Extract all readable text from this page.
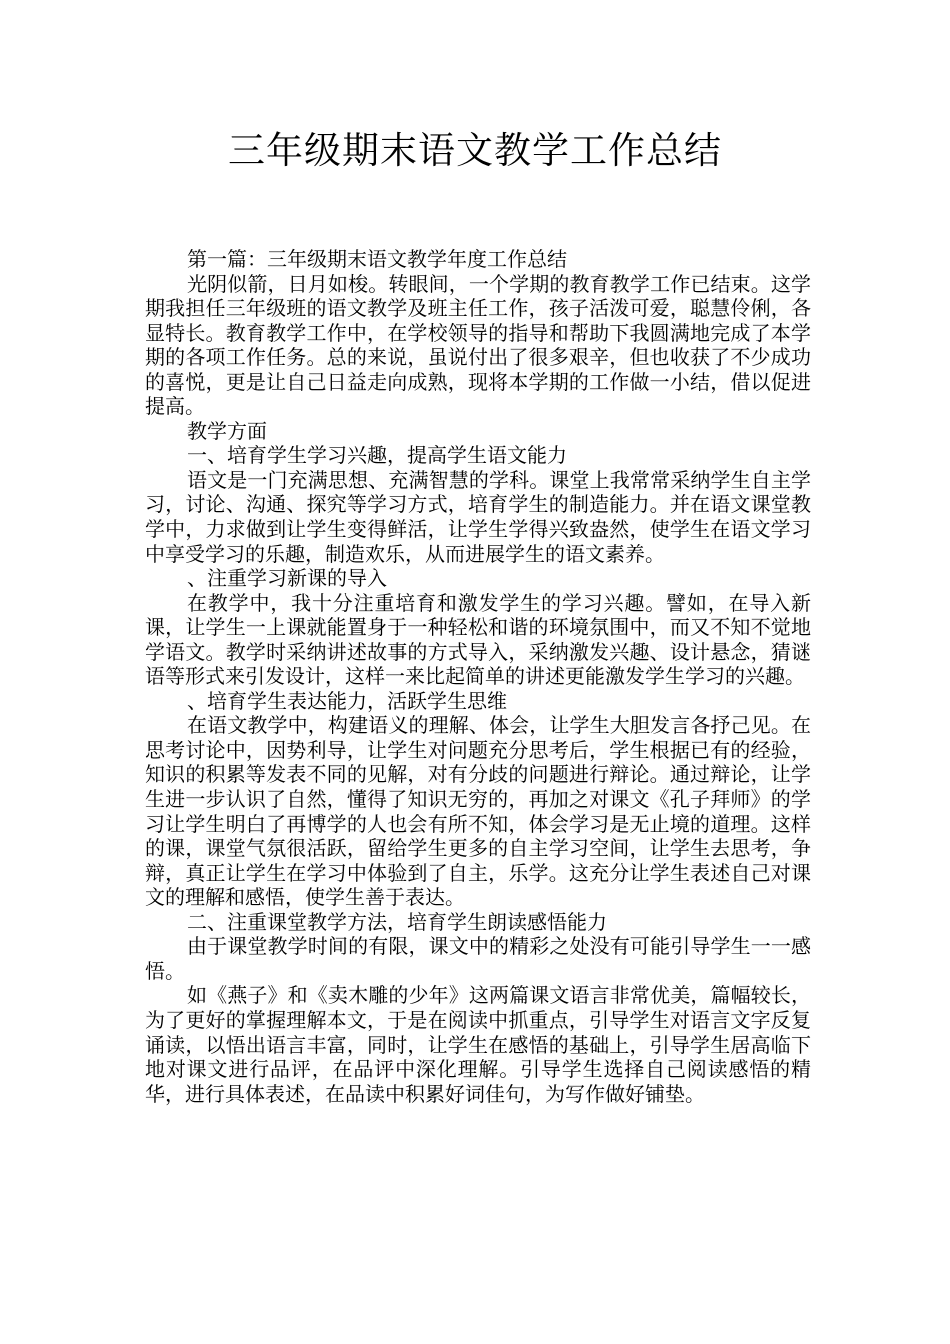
三年级期末语文教学工作总结

第一篇：三年级期末语文教学年度工作总结

光阴似箭，日月如梭。转眼间，一个学期的教育教学工作已结束。这学期我担任三年级班的语文教学及班主任工作，孩子活泼可爱，聪慧伶俐，各显特长。教育教学工作中，在学校领导的指导和帮助下我圆满地完成了本学期的各项工作任务。总的来说，虽说付出了很多艰辛，但也收获了不少成功的喜悦，更是让自己日益走向成熟，现将本学期的工作做一小结，借以促进提高。

教学方面

一、培育学生学习兴趣，提高学生语文能力

语文是一门充满思想、充满智慧的学科。课堂上我常常采纳学生自主学习，讨论、沟通、探究等学习方式，培育学生的制造能力。并在语文课堂教学中，力求做到让学生变得鲜活，让学生学得兴致盎然，使学生在语文学习中享受学习的乐趣，制造欢乐，从而进展学生的语文素养。

、注重学习新课的导入

在教学中，我十分注重培育和激发学生的学习兴趣。譬如，在导入新课，让学生一上课就能置身于一种轻松和谐的环境氛围中，而又不知不觉地学语文。教学时采纳讲述故事的方式导入，采纳激发兴趣、设计悬念，猜谜语等形式来引发设计，这样一来比起简单的讲述更能激发学生学习的兴趣。

、培育学生表达能力，活跃学生思维

在语文教学中，构建语义的理解、体会，让学生大胆发言各抒己见。在思考讨论中，因势利导，让学生对问题充分思考后，学生根据已有的经验，知识的积累等发表不同的见解，对有分歧的问题进行辩论。通过辩论，让学生进一步认识了自然，懂得了知识无穷的，再加之对课文《孔子拜师》的学习让学生明白了再博学的人也会有所不知，体会学习是无止境的道理。这样的课，课堂气氛很活跃，留给学生更多的自主学习空间，让学生去思考，争辩，真正让学生在学习中体验到了自主，乐学。这充分让学生表述自己对课文的理解和感悟，使学生善于表达。

二、注重课堂教学方法，培育学生朗读感悟能力

由于课堂教学时间的有限，课文中的精彩之处没有可能引导学生一一感悟。

如《燕子》和《卖木雕的少年》这两篇课文语言非常优美，篇幅较长，为了更好的掌握理解本文，于是在阅读中抓重点，引导学生对语言文字反复诵读，以悟出语言丰富，同时，让学生在感悟的基础上，引导学生居高临下地对课文进行品评，在品评中深化理解。引导学生选择自己阅读感悟的精华，进行具体表述，在品读中积累好词佳句，为写作做好铺垫。
